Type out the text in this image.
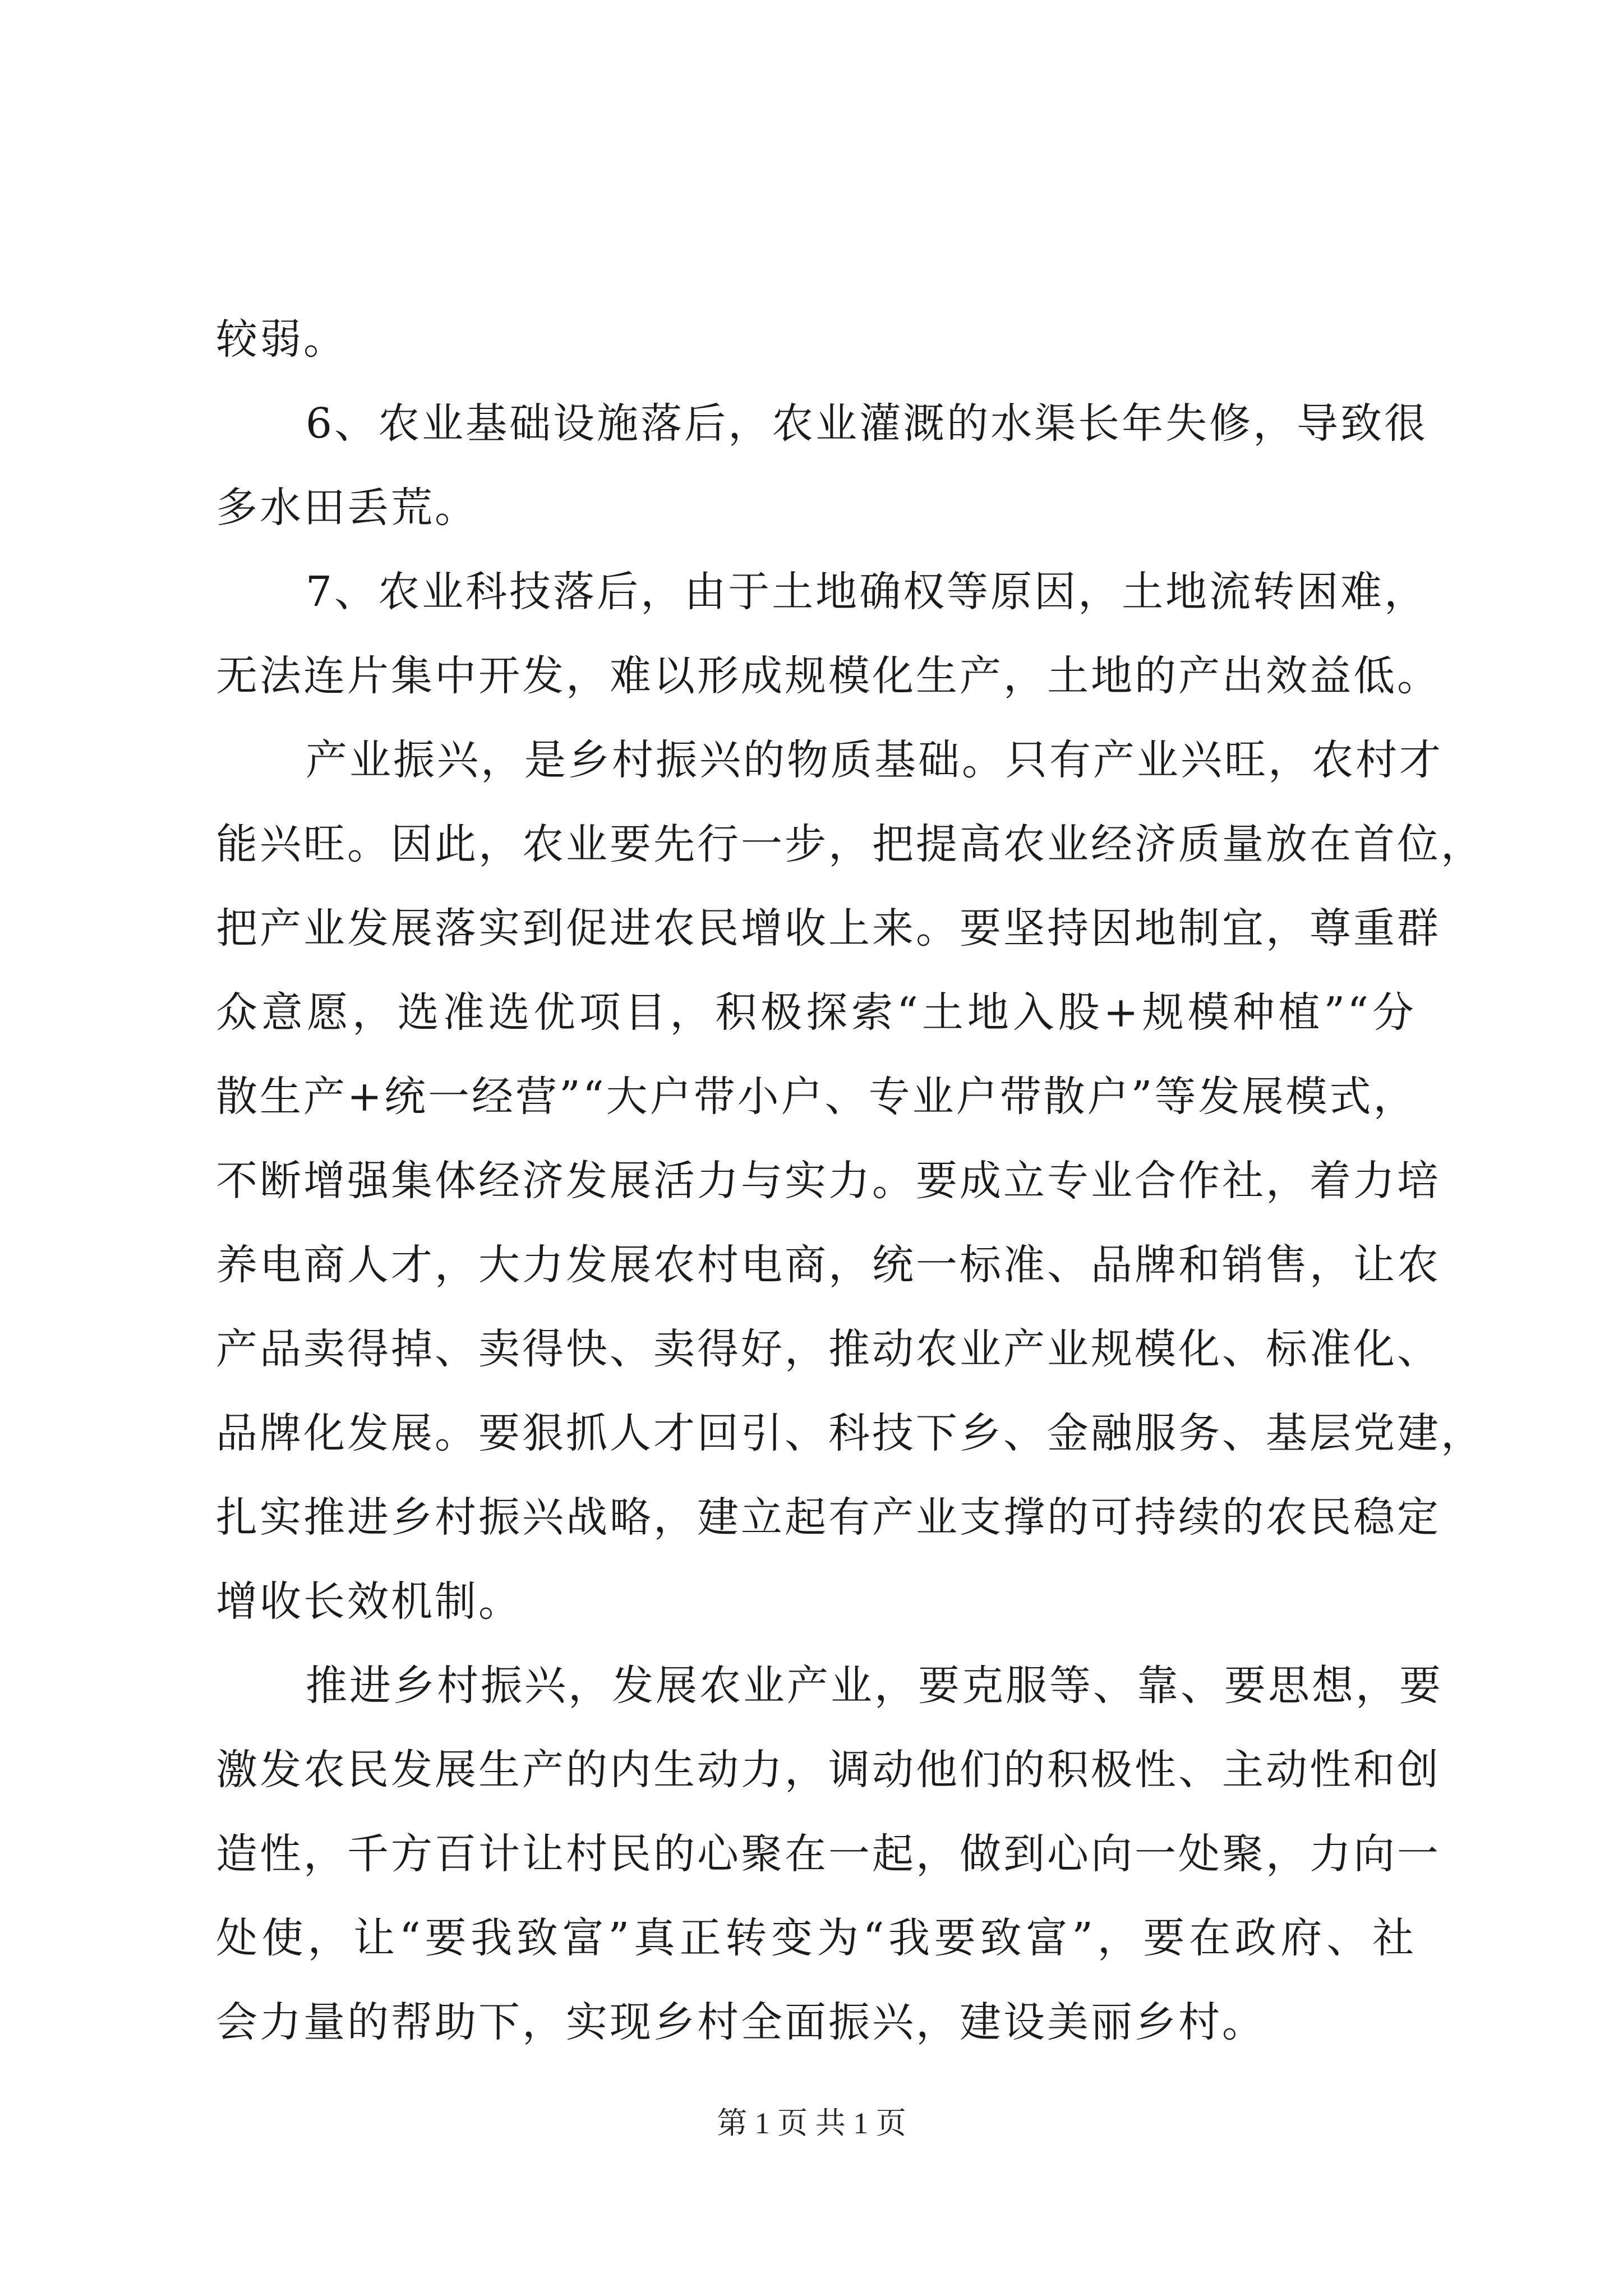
较弱。
6、农业基础设施落后，农业灌溉的水渠长年失修，导致很
多水田丢荒。
7、农业科技落后，由于土地确权等原因，土地流转困难，
无法连片集中开发，难以形成规模化生产，土地的产出效益低。
产业振兴，是乡村振兴的物质基础。只有产业兴旺，农村才
能兴旺。因此，农业要先行一步，把提高农业经济质量放在首位，
把产业发展落实到促进农民增收上来。要坚持因地制宜，尊重群
众意愿，选准选优项目，积极探索“土地入股+规模种植”“分
散生产+统一经营”“大户带小户、专业户带散户”等发展模式，
不断增强集体经济发展活力与实力。要成立专业合作社，着力培
养电商人才，大力发展农村电商，统一标准、品牌和销售，让农
产品卖得掉、卖得快、卖得好，推动农业产业规模化、标准化、
品牌化发展。要狠抓人才回引、科技下乡、金融服务、基层党建，
扎实推进乡村振兴战略，建立起有产业支撑的可持续的农民稳定
增收长效机制。
推进乡村振兴，发展农业产业，要克服等、靠、要思想，要
激发农民发展生产的内生动力，调动他们的积极性、主动性和创
造性，千方百计让村民的心聚在一起，做到心向一处聚，力向一
处使，让“要我致富”真正转变为“我要致富”，要在政府、社
会力量的帮助下，实现乡村全面振兴，建设美丽乡村。
第 1 页 共 1 页
